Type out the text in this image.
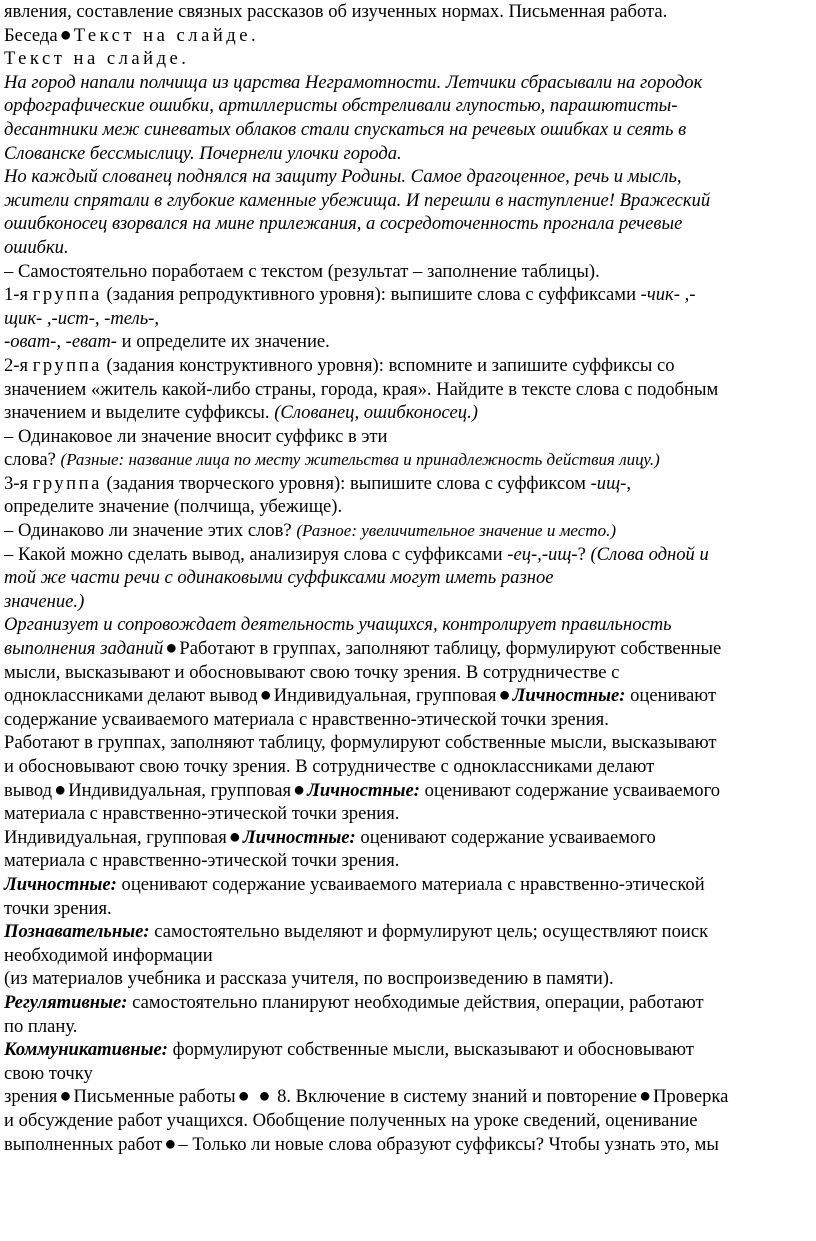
явления, составление связных рассказов об изученных нормах. Письменная работа.
Беседа ● Текст на слайде.
Текст на слайде.
На город напали полчища из царства Неграмотности. Летчики сбрасывали на городок
орфографические ошибки, артиллеристы обстреливали глупостью, парашютисты-
десантники меж синеватых облаков стали спускаться на речевых ошибках и сеять в
Слованске бессмыслицу. Почернели улочки города.
Но каждый слованец поднялся на защиту Родины. Самое драгоценное, речь и мысль,
жители спрятали в глубокие каменные убежища. И перешли в наступление! Вражеский
ошибконосец взорвался на мине прилежания, а сосредоточенность прогнала речевые
ошибки.
– Самостоятельно поработаем с текстом (результат – заполнение таблицы).
1-я группа (задания репродуктивного уровня): выпишите слова с суффиксами -чик- ,-
щик- ,-ист-, -тель-,
-оват-, -еват- и определите их значение.
2-я группа (задания конструктивного уровня): вспомните и запишите суффиксы со
значением «житель какой-либо страны, города, края». Найдите в тексте слова с подобным
значением и выделите суффиксы. (Слованец, ошибконосец.)
– Одинаковое ли значение вносит суффикс в эти
слова? (Разные: название лица по месту жительства и принадлежность действия лицу.)
3-я группа (задания творческого уровня): выпишите слова с суффиксом -ищ-,
определите значение (полчища, убежище).
– Одинаково ли значение этих слов? (Разное: увеличительное значение и место.)
– Какой можно сделать вывод, анализируя слова с суффиксами -ец-,-ищ-? (Слова одной и
той же части речи с одинаковыми суффиксами могут иметь разное
значение.)
Организует и сопровождает деятельность учащихся, контролирует правильность
выполнения заданий ● Работают в группах, заполняют таблицу, формулируют собственные
мысли, высказывают и обосновывают свою точку зрения. В сотрудничестве с
одноклассниками делают вывод ● Индивидуальная, групповая ● Личностные: оценивают
содержание усваиваемого материала с нравственно-этической точки зрения.
Работают в группах, заполняют таблицу, формулируют собственные мысли, высказывают
и обосновывают свою точку зрения. В сотрудничестве с одноклассниками делают
вывод ● Индивидуальная, групповая ● Личностные: оценивают содержание усваиваемого
материала с нравственно-этической точки зрения.
Индивидуальная, групповая ● Личностные: оценивают содержание усваиваемого
материала с нравственно-этической точки зрения.
Личностные: оценивают содержание усваиваемого материала с нравственно-этической
точки зрения.
Познавательные: самостоятельно выделяют и формулируют цель; осуществляют поиск
необходимой информации
(из материалов учебника и рассказа учителя, по воспроизведению в памяти).
Регулятивные: самостоятельно планируют необходимые действия, операции, работают
по плану.
Коммуникативные: формулируют собственные мысли, высказывают и обосновывают
свою точку
зрения ● Письменные работы ● ● 8. Включение в систему знаний и повторение ● Проверка
и обсуждение работ учащихся. Обобщение полученных на уроке сведений, оценивание
выполненных работ ● – Только ли новые слова образуют суффиксы? Чтобы узнать это, мы
